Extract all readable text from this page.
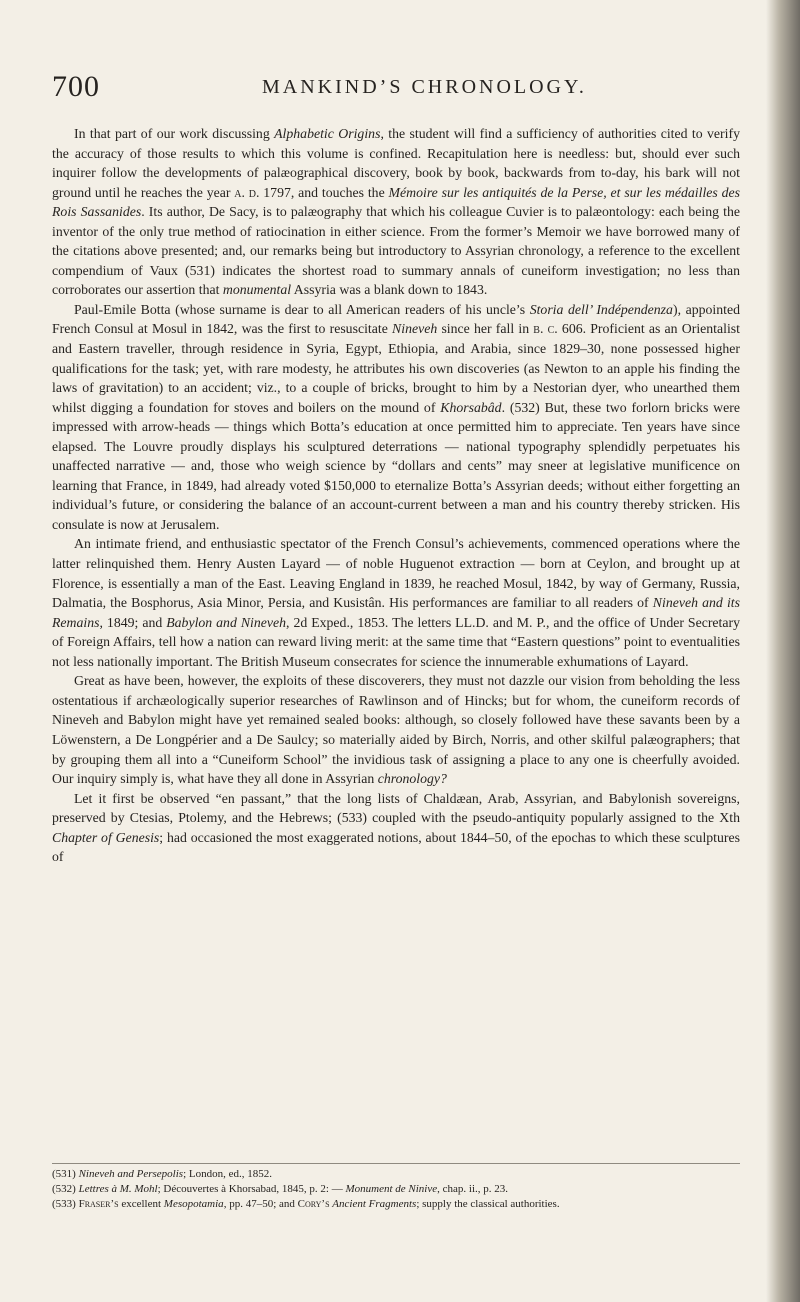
700	MANKIND’S CHRONOLOGY.

In that part of our work discussing Alphabetic Origins, the student will find a sufficiency of authorities cited to verify the accuracy of those results to which this volume is confined. Recapitulation here is needless: but, should ever such inquirer follow the developments of palæographical discovery, book by book, backwards from to-day, his bark will not ground until he reaches the year a. d. 1797, and touches the Mémoire sur les antiquités de la Perse, et sur les médailles des Rois Sassanides. Its author, De Sacy, is to palæography that which his colleague Cuvier is to palæontology: each being the inventor of the only true method of ratiocination in either science. From the former’s Memoir we have borrowed many of the citations above presented; and, our remarks being but introductory to Assyrian chronology, a reference to the excellent compendium of Vaux (531) indicates the shortest road to summary annals of cuneiform investigation; no less than corroborates our assertion that monumental Assyria was a blank down to 1843.

Paul-Emile Botta (whose surname is dear to all American readers of his uncle’s Storia dell’ Indépendenza), appointed French Consul at Mosul in 1842, was the first to resuscitate Nineveh since her fall in b. c. 606. Proficient as an Orientalist and Eastern traveller, through residence in Syria, Egypt, Ethiopia, and Arabia, since 1829–30, none possessed higher qualifications for the task; yet, with rare modesty, he attributes his own discoveries (as Newton to an apple his finding the laws of gravitation) to an accident; viz., to a couple of bricks, brought to him by a Nestorian dyer, who unearthed them whilst digging a foundation for stoves and boilers on the mound of Khorsabâd. (532) But, these two forlorn bricks were impressed with arrow-heads — things which Botta’s education at once permitted him to appreciate. Ten years have since elapsed. The Louvre proudly displays his sculptured deterrations — national typography splendidly perpetuates his unaffected narrative — and, those who weigh science by “dollars and cents” may sneer at legislative munificence on learning that France, in 1849, had already voted $150,000 to eternalize Botta’s Assyrian deeds; without either forgetting an individual’s future, or considering the balance of an account-current between a man and his country thereby stricken. His consulate is now at Jerusalem.

An intimate friend, and enthusiastic spectator of the French Consul’s achievements, commenced operations where the latter relinquished them. Henry Austen Layard — of noble Huguenot extraction — born at Ceylon, and brought up at Florence, is essentially a man of the East. Leaving England in 1839, he reached Mosul, 1842, by way of Germany, Russia, Dalmatia, the Bosphorus, Asia Minor, Persia, and Kusistân. His performances are familiar to all readers of Nineveh and its Remains, 1849; and Babylon and Nineveh, 2d Exped., 1853. The letters LL.D. and M. P., and the office of Under Secretary of Foreign Affairs, tell how a nation can reward living merit: at the same time that “Eastern questions” point to eventualities not less nationally important. The British Museum consecrates for science the innumerable exhumations of Layard.

Great as have been, however, the exploits of these discoverers, they must not dazzle our vision from beholding the less ostentatious if archæologically superior researches of Rawlinson and of Hincks; but for whom, the cuneiform records of Nineveh and Babylon might have yet remained sealed books: although, so closely followed have these savants been by a Löwenstern, a De Longpérier and a De Saulcy; so materially aided by Birch, Norris, and other skilful palæographers; that by grouping them all into a “Cuneiform School” the invidious task of assigning a place to any one is cheerfully avoided. Our inquiry simply is, what have they all done in Assyrian chronology?

Let it first be observed “en passant,” that the long lists of Chaldæan, Arab, Assyrian, and Babylonish sovereigns, preserved by Ctesias, Ptolemy, and the Hebrews; (533) coupled with the pseudo-antiquity popularly assigned to the Xth Chapter of Genesis; had occasioned the most exaggerated notions, about 1844–50, of the epochas to which these sculptures of

(531) Nineveh and Persepolis; London, ed., 1852.

(532) Lettres à M. Mohl; Découvertes à Khorsabad, 1845, p. 2: — Monument de Ninive, chap. ii., p. 23.

(533) Fraser’s excellent Mesopotamia, pp. 47–50; and Cory’s Ancient Fragments; supply the classical authorities.
